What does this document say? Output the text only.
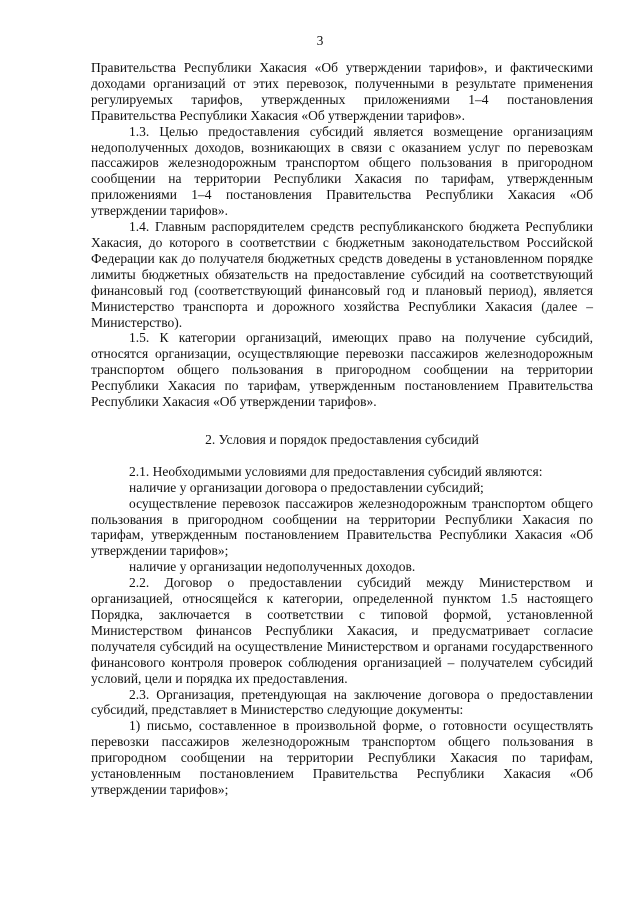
3

Правительства Республики Хакасия «Об утверждении тарифов», и фактическими доходами организаций от этих перевозок, полученными в результате применения регулируемых тарифов, утвержденных приложениями 1–4 постановления Правительства Республики Хакасия «Об утверждении тарифов».

1.3. Целью предоставления субсидий является возмещение организациям недополученных доходов, возникающих в связи с оказанием услуг по перевозкам пассажиров железнодорожным транспортом общего пользования в пригородном сообщении на территории Республики Хакасия по тарифам, утвержденным приложениями 1–4 постановления Правительства Республики Хакасия «Об утверждении тарифов».

1.4. Главным распорядителем средств республиканского бюджета Республики Хакасия, до которого в соответствии с бюджетным законодательством Российской Федерации как до получателя бюджетных средств доведены в установленном порядке лимиты бюджетных обязательств на предоставление субсидий на соответствующий финансовый год (соответствующий финансовый год и плановый период), является Министерство транспорта и дорожного хозяйства Республики Хакасия (далее – Министерство).

1.5. К категории организаций, имеющих право на получение субсидий, относятся организации, осуществляющие перевозки пассажиров железнодорожным транспортом общего пользования в пригородном сообщении на территории Республики Хакасия по тарифам, утвержденным постановлением Правительства Республики Хакасия «Об утверждении тарифов».

2. Условия и порядок предоставления субсидий

2.1. Необходимыми условиями для предоставления субсидий являются:

наличие у организации договора о предоставлении субсидий;

осуществление перевозок пассажиров железнодорожным транспортом общего пользования в пригородном сообщении на территории Республики Хакасия по тарифам, утвержденным постановлением Правительства Республики Хакасия «Об утверждении тарифов»;

наличие у организации недополученных доходов.

2.2. Договор о предоставлении субсидий между Министерством и организацией, относящейся к категории, определенной пунктом 1.5 настоящего Порядка, заключается в соответствии с типовой формой, установленной Министерством финансов Республики Хакасия, и предусматривает согласие получателя субсидий на осуществление Министерством и органами государственного финансового контроля проверок соблюдения организацией – получателем субсидий условий, цели и порядка их предоставления.

2.3. Организация, претендующая на заключение договора о предоставлении субсидий, представляет в Министерство следующие документы:

1) письмо, составленное в произвольной форме, о готовности осуществлять перевозки пассажиров железнодорожным транспортом общего пользования в пригородном сообщении на территории Республики Хакасия по тарифам, установленным постановлением Правительства Республики Хакасия «Об утверждении тарифов»;
